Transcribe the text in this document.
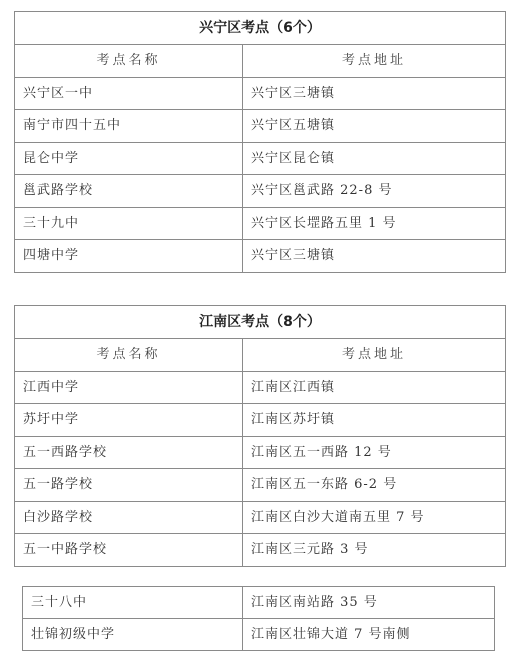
兴宁区考点（6个）	
考点名称	考点地址
兴宁区一中	兴宁区三塘镇
南宁市四十五中	兴宁区五塘镇
昆仑中学	兴宁区昆仑镇
邕武路学校	兴宁区邕武路 22-8 号
三十九中	兴宁区长堽路五里 1 号
四塘中学	兴宁区三塘镇
江南区考点（8个）	
考点名称	考点地址
江西中学	江南区江西镇
苏圩中学	江南区苏圩镇
五一西路学校	江南区五一西路 12 号
五一路学校	江南区五一东路 6-2 号
白沙路学校	江南区白沙大道南五里 7 号
五一中路学校	江南区三元路 3 号
三十八中	江南区南站路 35 号
壮锦初级中学	江南区壮锦大道 7 号南侧
